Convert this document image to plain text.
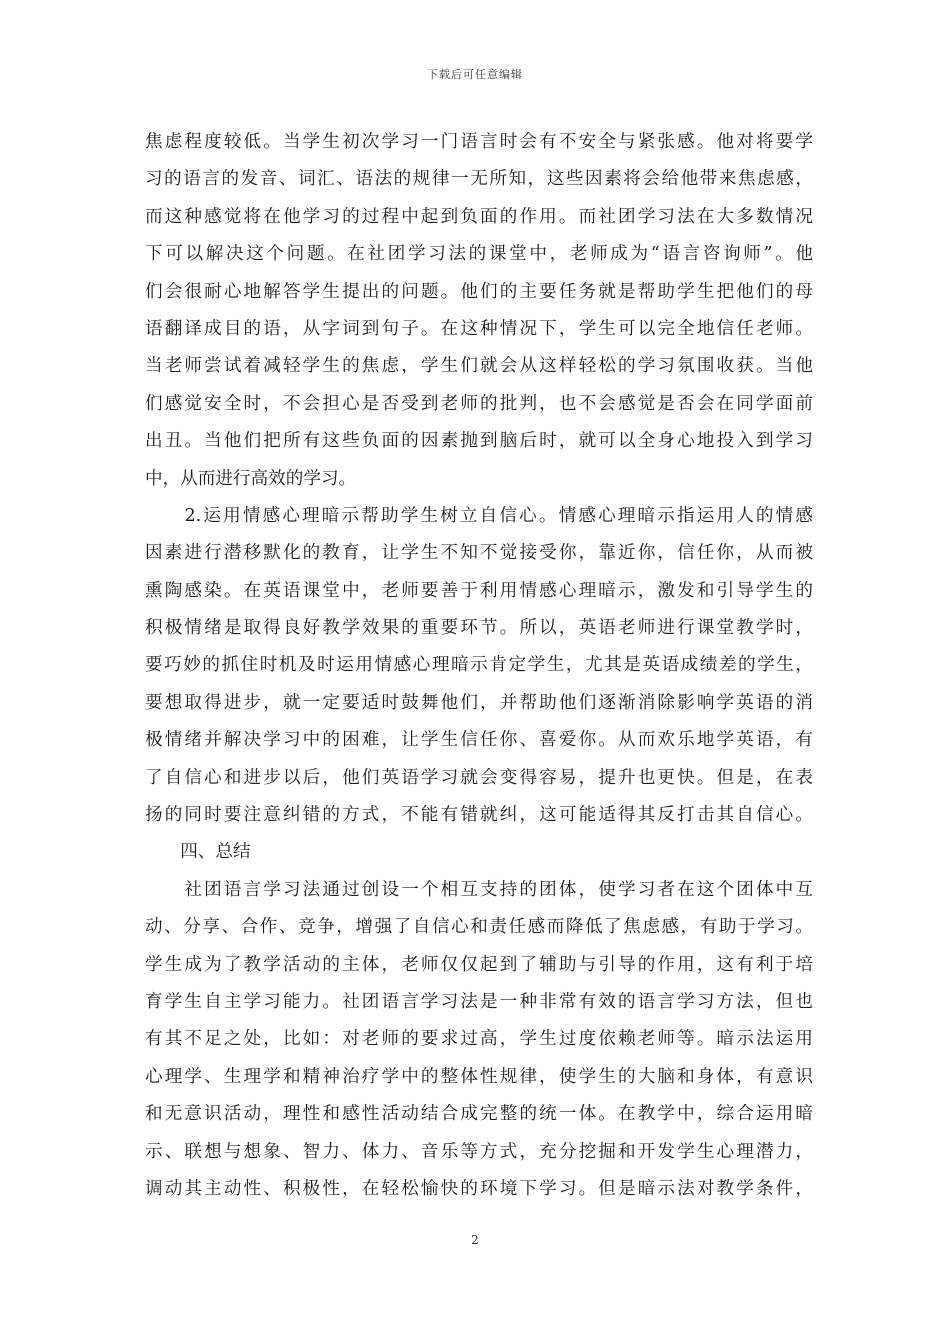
下载后可任意编辑
焦虑程度较低。当学生初次学习一门语言时会有不安全与紧张感。他对将要学
习的语言的发音、词汇、语法的规律一无所知，这些因素将会给他带来焦虑感，
而这种感觉将在他学习的过程中起到负面的作用。而社团学习法在大多数情况
下可以解决这个问题。在社团学习法的课堂中，老师成为“语言咨询师”。他
们会很耐心地解答学生提出的问题。他们的主要任务就是帮助学生把他们的母
语翻译成目的语，从字词到句子。在这种情况下，学生可以完全地信任老师。
当老师尝试着减轻学生的焦虑，学生们就会从这样轻松的学习氛围收获。当他
们感觉安全时，不会担心是否受到老师的批判，也不会感觉是否会在同学面前
出丑。当他们把所有这些负面的因素抛到脑后时，就可以全身心地投入到学习
中，从而进行高效的学习。
　　2.运用情感心理暗示帮助学生树立自信心。情感心理暗示指运用人的情感
因素进行潜移默化的教育，让学生不知不觉接受你，靠近你，信任你，从而被
熏陶感染。在英语课堂中，老师要善于利用情感心理暗示，激发和引导学生的
积极情绪是取得良好教学效果的重要环节。所以，英语老师进行课堂教学时，
要巧妙的抓住时机及时运用情感心理暗示肯定学生，尤其是英语成绩差的学生，
要想取得进步，就一定要适时鼓舞他们，并帮助他们逐渐消除影响学英语的消
极情绪并解决学习中的困难，让学生信任你、喜爱你。从而欢乐地学英语，有
了自信心和进步以后，他们英语学习就会变得容易，提升也更快。但是，在表
扬的同时要注意纠错的方式，不能有错就纠，这可能适得其反打击其自信心。
　　四、总结
　　社团语言学习法通过创设一个相互支持的团体，使学习者在这个团体中互
动、分享、合作、竞争，增强了自信心和责任感而降低了焦虑感，有助于学习。
学生成为了教学活动的主体，老师仅仅起到了辅助与引导的作用，这有利于培
育学生自主学习能力。社团语言学习法是一种非常有效的语言学习方法，但也
有其不足之处，比如：对老师的要求过高，学生过度依赖老师等。暗示法运用
心理学、生理学和精神治疗学中的整体性规律，使学生的大脑和身体，有意识
和无意识活动，理性和感性活动结合成完整的统一体。在教学中，综合运用暗
示、联想与想象、智力、体力、音乐等方式，充分挖掘和开发学生心理潜力，
调动其主动性、积极性，在轻松愉快的环境下学习。但是暗示法对教学条件，
2
